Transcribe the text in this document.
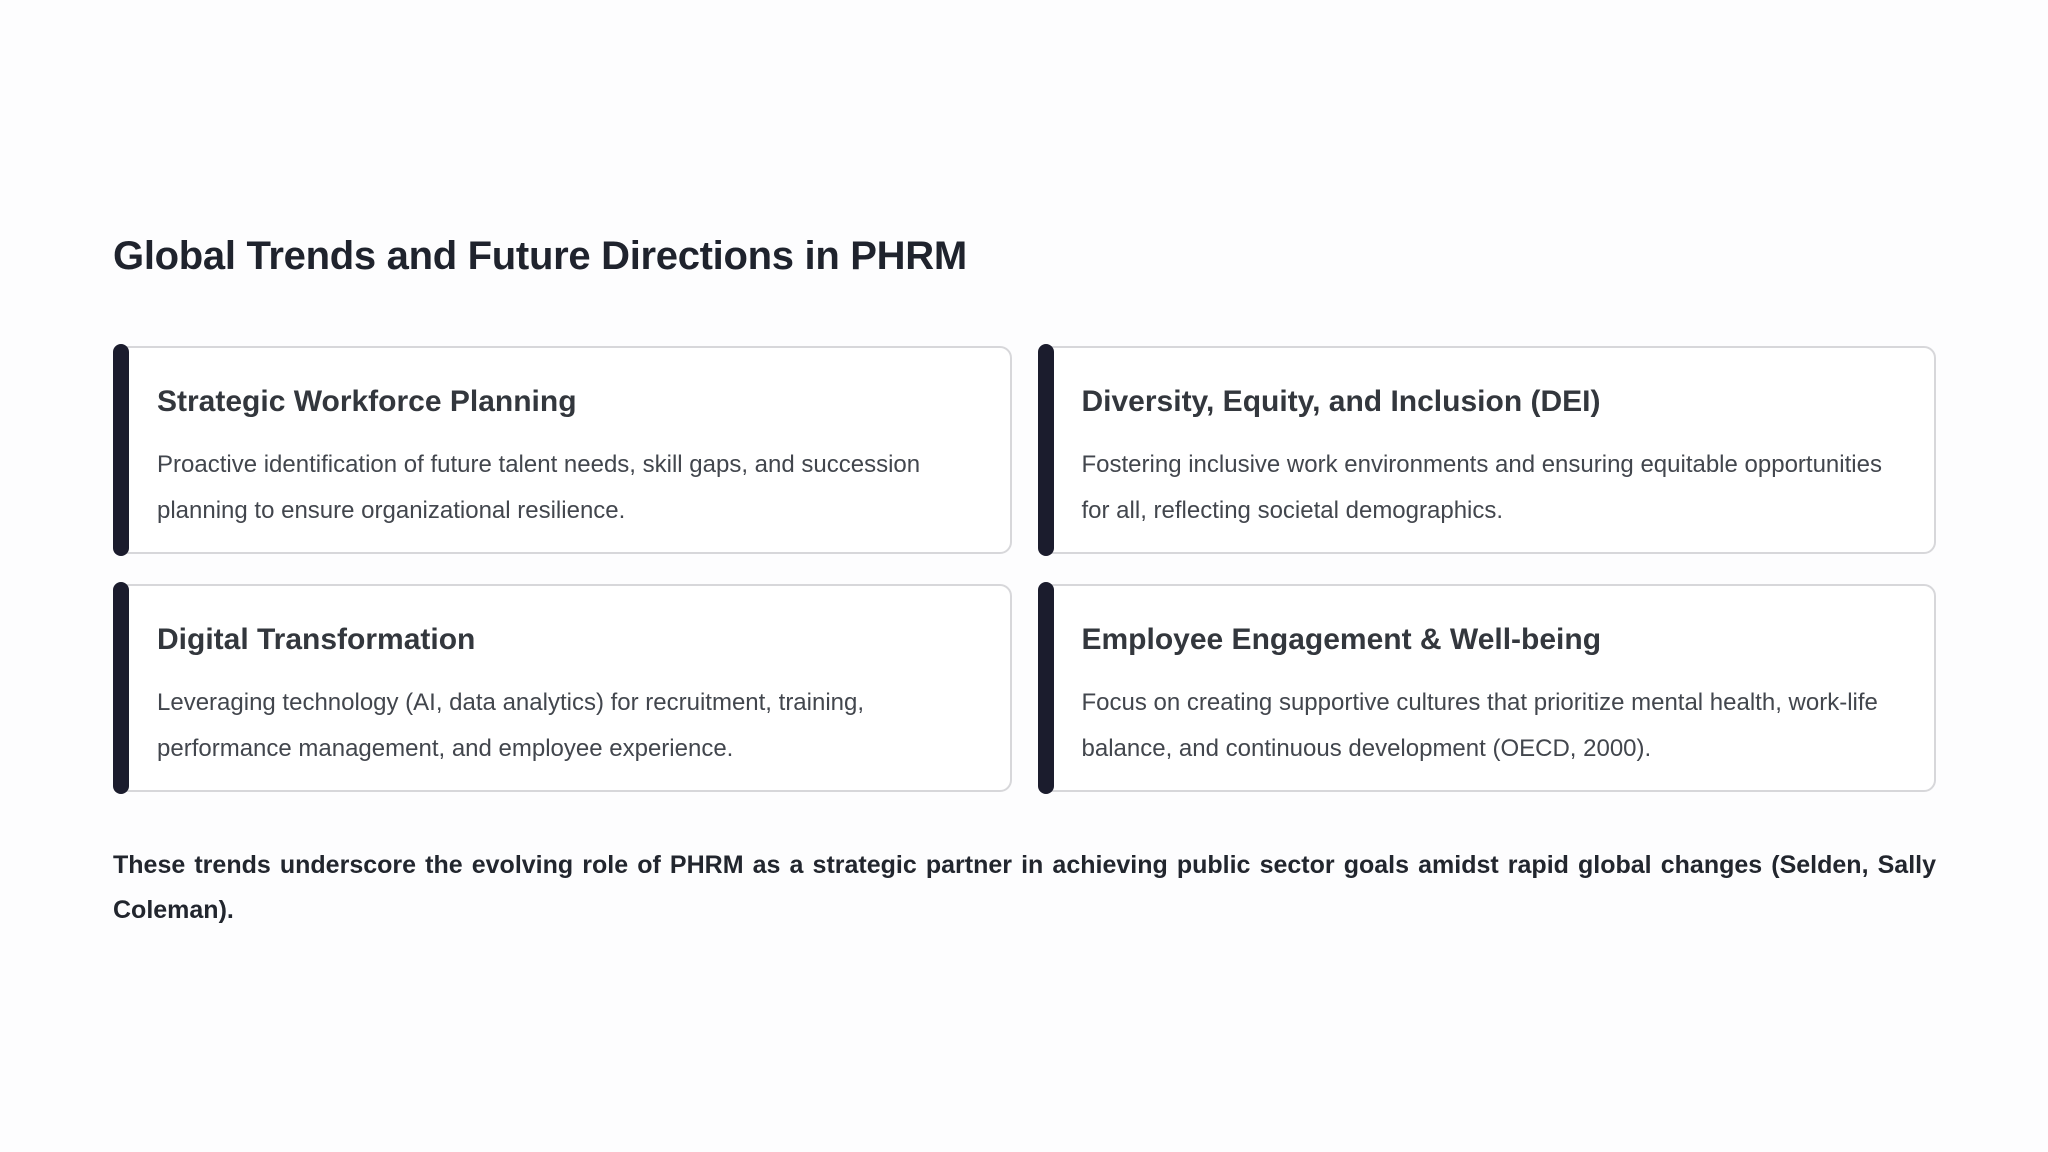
Global Trends and Future Directions in PHRM
Strategic Workforce Planning

Proactive identification of future talent needs, skill gaps, and succession planning to ensure organizational resilience.

Diversity, Equity, and Inclusion (DEI)

Fostering inclusive work environments and ensuring equitable opportunities for all, reflecting societal demographics.

Digital Transformation

Leveraging technology (AI, data analytics) for recruitment, training, performance management, and employee experience.

Employee Engagement & Well-being

Focus on creating supportive cultures that prioritize mental health, work-life balance, and continuous development (OECD, 2000).

These trends underscore the evolving role of PHRM as a strategic partner in achieving public sector goals amidst rapid global changes (Selden, Sally Coleman).
